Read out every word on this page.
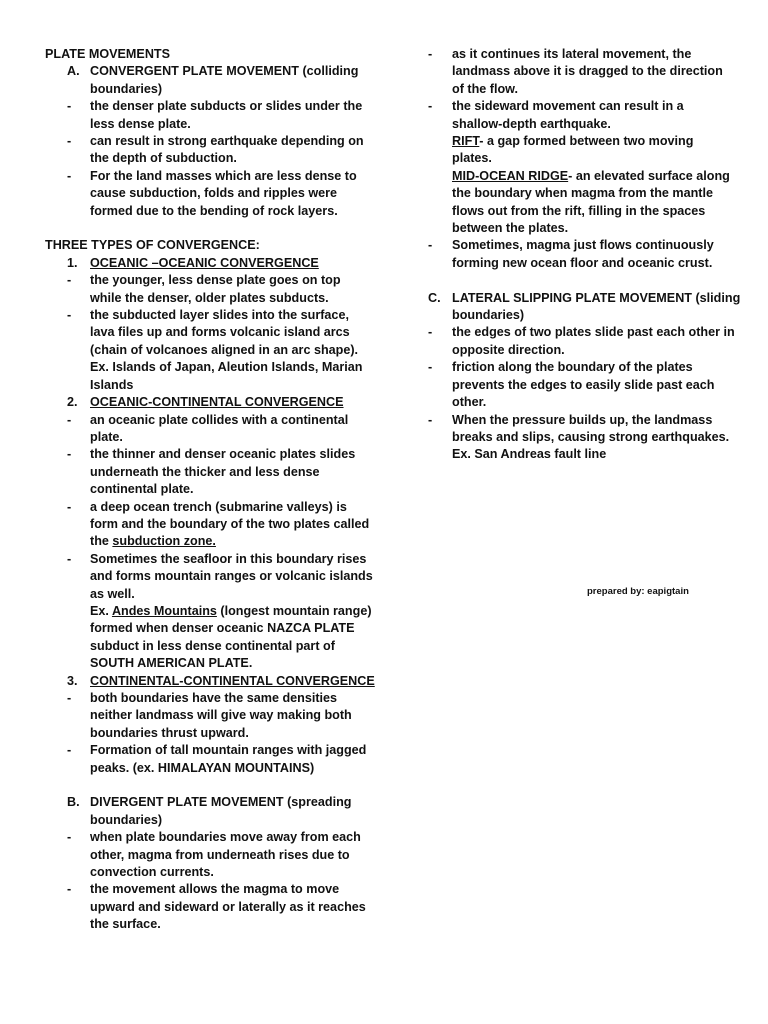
PLATE MOVEMENTS
A. CONVERGENT PLATE MOVEMENT (colliding
boundaries)
- the denser plate subducts or slides under the
less dense plate.
- can result in strong earthquake depending on
the depth of subduction.
- For the land masses which are less dense to
cause subduction, folds and ripples were
formed due to the bending of rock layers.
THREE TYPES OF CONVERGENCE:
1. OCEANIC –OCEANIC CONVERGENCE
- the younger, less dense plate goes on top
while the denser, older plates subducts.
- the subducted layer slides into the surface,
lava files up and forms volcanic island arcs
(chain of volcanoes aligned in an arc shape).
Ex. Islands of Japan, Aleution Islands, Marian
Islands
2. OCEANIC-CONTINENTAL CONVERGENCE
- an oceanic plate collides with a continental
plate.
- the thinner and denser oceanic plates slides
underneath the thicker and less dense
continental plate.
- a deep ocean trench (submarine valleys) is
form and the boundary of the two plates called
the subduction zone.
- Sometimes the seafloor in this boundary rises
and forms mountain ranges or volcanic islands
as well.
Ex. Andes Mountains (longest mountain range)
formed when denser oceanic NAZCA PLATE
subduct in less dense continental part of
SOUTH AMERICAN PLATE.
3. CONTINENTAL-CONTINENTAL CONVERGENCE
- both boundaries have the same densities
neither landmass will give way making both
boundaries thrust upward.
- Formation of tall mountain ranges with jagged
peaks. (ex. HIMALAYAN MOUNTAINS)
B. DIVERGENT PLATE MOVEMENT (spreading
boundaries)
- when plate boundaries move away from each
other, magma from underneath rises due to
convection currents.
- the movement allows the magma to move
upward and sideward or laterally as it reaches
the surface.
- as it continues its lateral movement, the
landmass above it is dragged to the direction
of the flow.
- the sideward movement can result in a
shallow-depth earthquake.
RIFT- a gap formed between two moving
plates.
MID-OCEAN RIDGE- an elevated surface along
the boundary when magma from the mantle
flows out from the rift, filling in the spaces
between the plates.
- Sometimes, magma just flows continuously
forming new ocean floor and oceanic crust.
C. LATERAL SLIPPING PLATE MOVEMENT (sliding
boundaries)
- the edges of two plates slide past each other in
opposite direction.
- friction along the boundary of the plates
prevents the edges to easily slide past each
other.
- When the pressure builds up, the landmass
breaks and slips, causing strong earthquakes.
Ex. San Andreas fault line
prepared by: eapigtain
